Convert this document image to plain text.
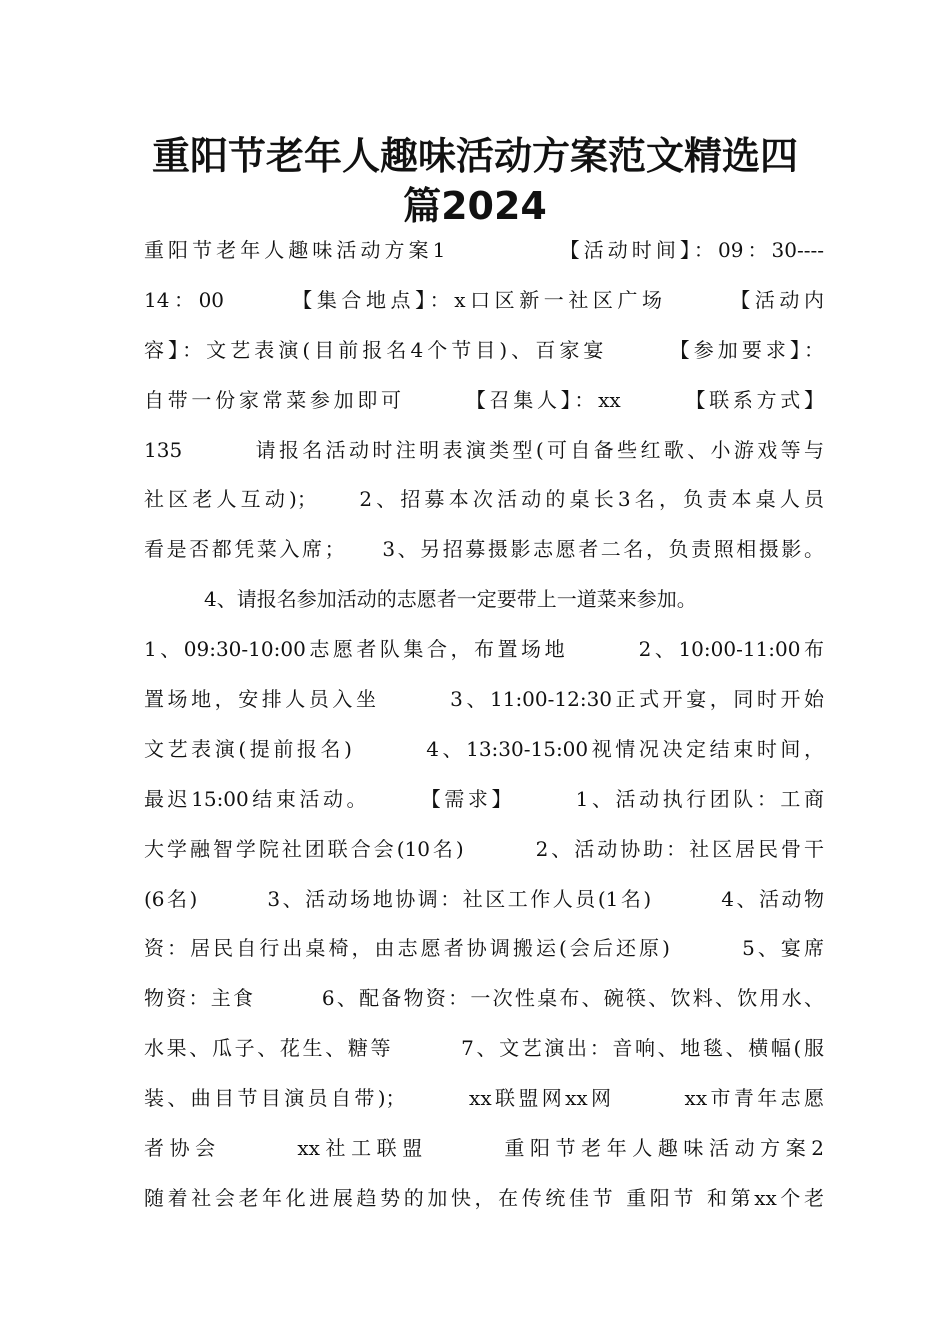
重阳节老年人趣味活动方案范文精选四
篇2024
重阳节老年人趣味活动方案1　　　　　【活动时间】：09：30----
14：00　　　【集合地点】：x口区新一社区广场　　　【活动内
容】：文艺表演(目前报名4个节目)、百家宴　　　【参加要求】：
自带一份家常菜参加即可　　　【召集人】：xx　　　【联系方式】
135　　　请报名活动时注明表演类型(可自备些红歌、小游戏等与
社区老人互动)；　　2、招募本次活动的桌长3名，负责本桌人员
看是否都凭菜入席；　　3、另招募摄影志愿者二名，负责照相摄影。
　　　4、请报名参加活动的志愿者一定要带上一道菜来参加。
1、09:30-10:00志愿者队集合，布置场地　　　2、10:00-11:00布
置场地，安排人员入坐　　　3、11:00-12:30正式开宴，同时开始
文艺表演(提前报名)　　　4、13:30-15:00视情况决定结束时间，
最迟15:00结束活动。　　　【需求】　　　1、活动执行团队：工商
大学融智学院社团联合会(10名)　　　2、活动协助：社区居民骨干
(6名)　　　3、活动场地协调：社区工作人员(1名)　　　4、活动物
资：居民自行出桌椅，由志愿者协调搬运(会后还原)　　　5、宴席
物资：主食　　　6、配备物资：一次性桌布、碗筷、饮料、饮用水、
水果、瓜子、花生、糖等　　　7、文艺演出：音响、地毯、横幅(服
装、曲目节目演员自带)；　　　xx联盟网xx网　　　xx市青年志愿
者协会　　　xx社工联盟　　　重阳节老年人趣味活动方案2
随着社会老年化进展趋势的加快，在传统佳节 重阳节 和第xx个老
